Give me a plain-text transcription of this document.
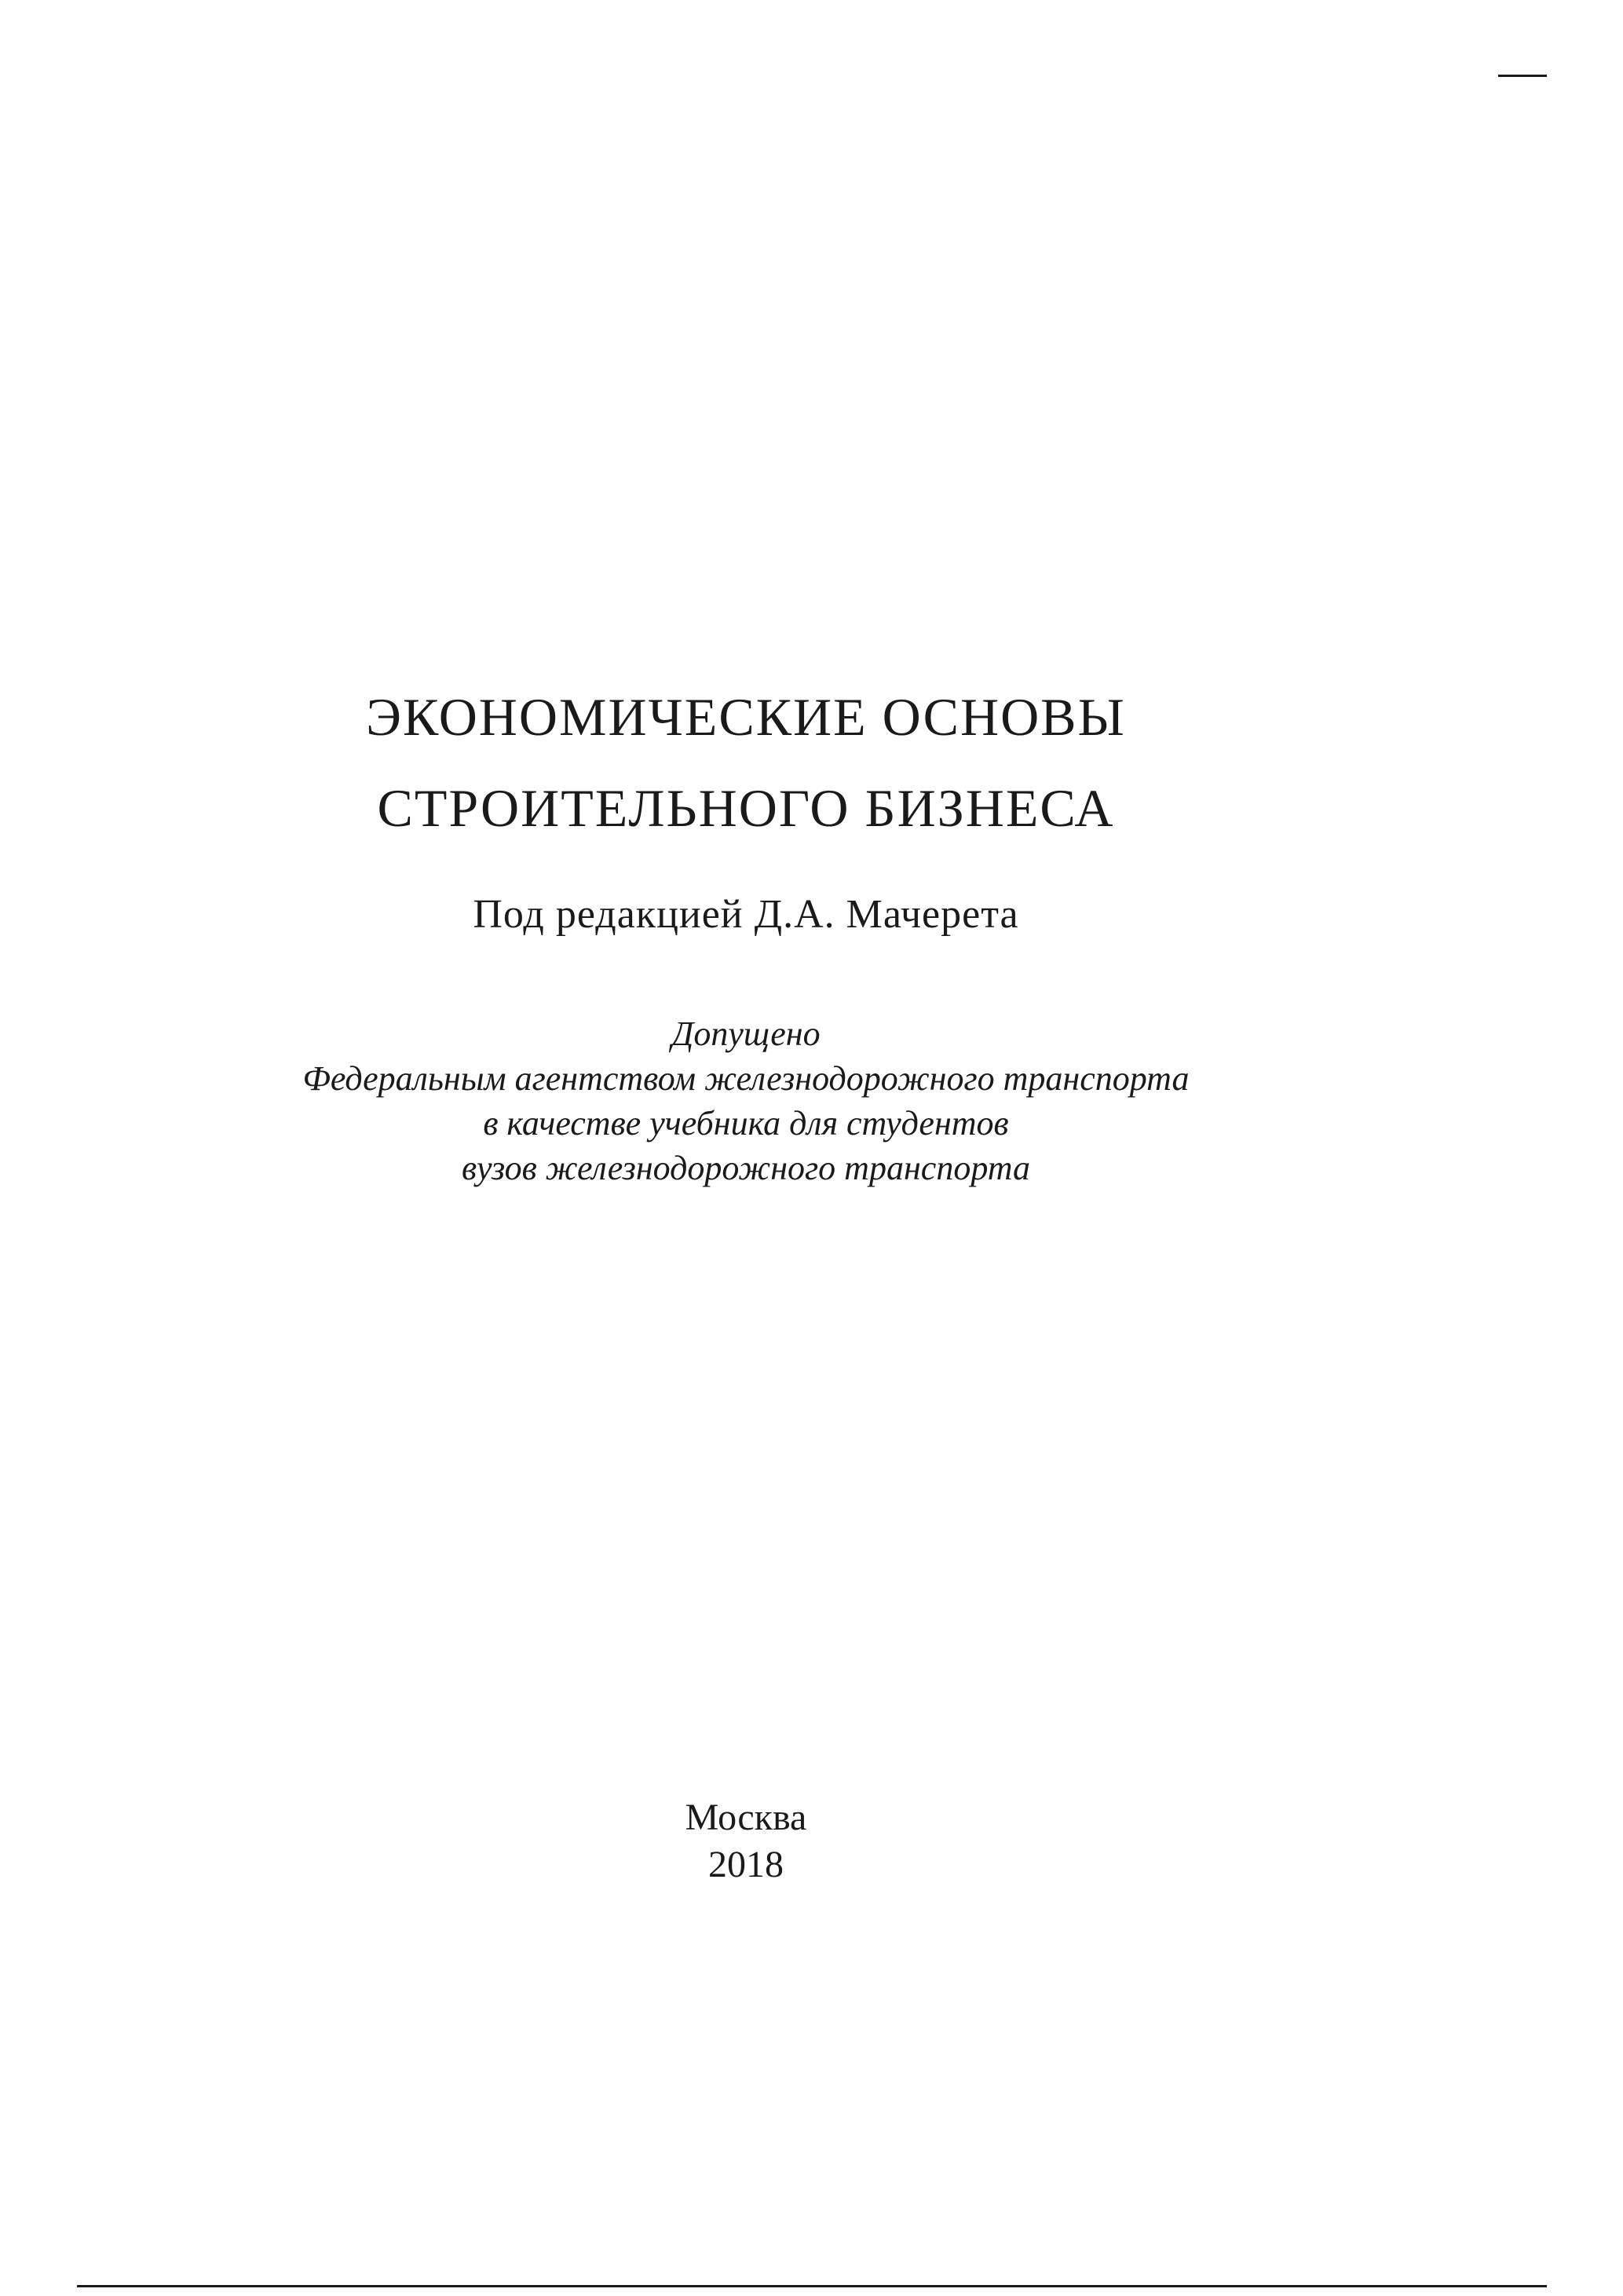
ЭКОНОМИЧЕСКИЕ ОСНОВЫ
СТРОИТЕЛЬНОГО БИЗНЕСА
Под редакцией Д.А. Мачерета
Допущено
Федеральным агентством железнодорожного транспорта
в качестве учебника для студентов
вузов железнодорожного транспорта
Москва
2018
